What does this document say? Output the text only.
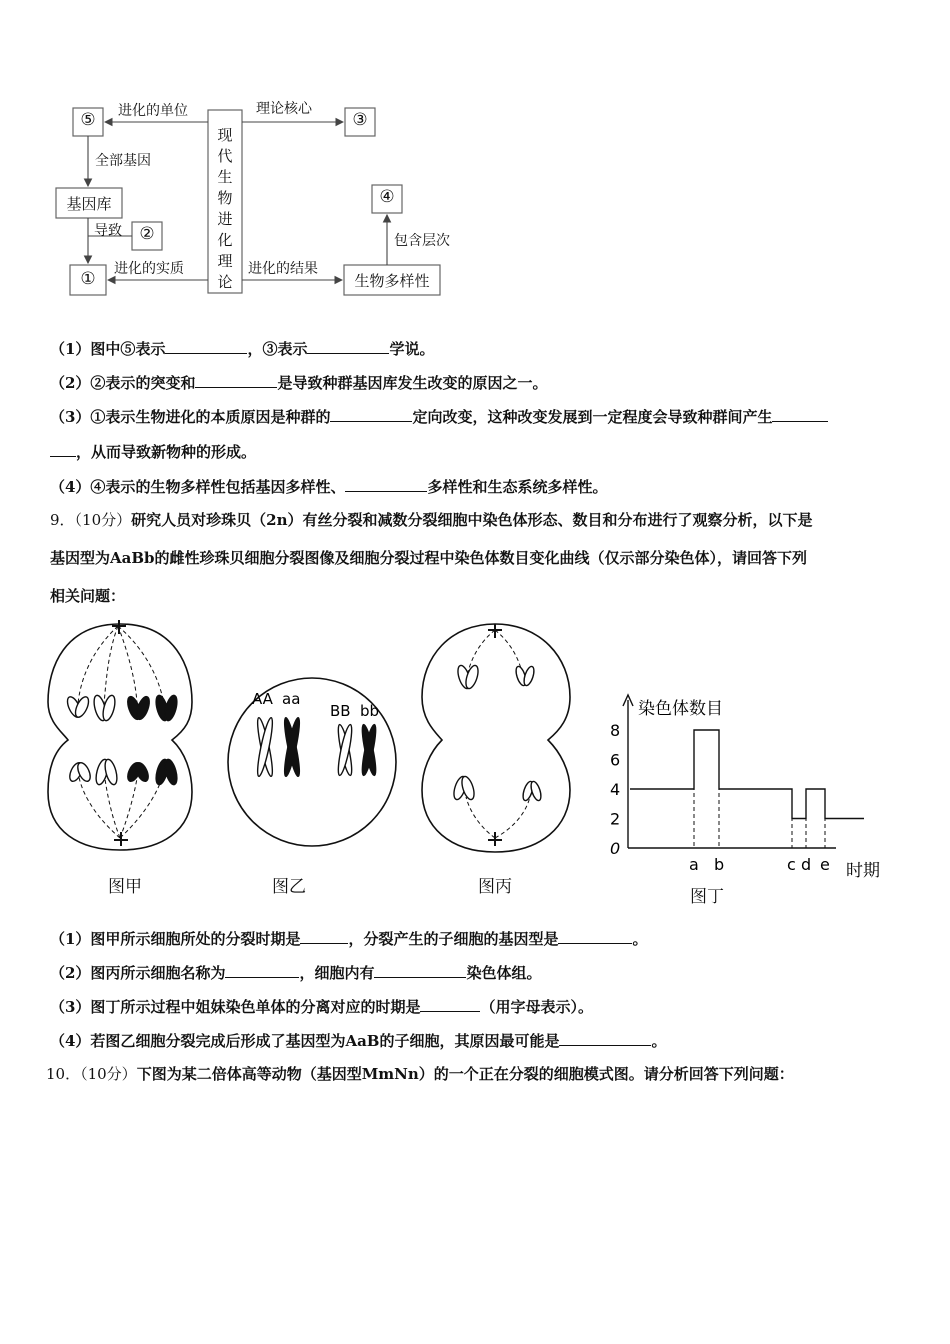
⑤	③
现代生物进化理论
基因库
②
①
④
生物多样性
进化的单位	理论核心
全部基因
导致
进化的实质	进化的结果
包含层次
（1）图中⑤表示	，③表示	学说。
（2）②表示的突变和	是导致种群基因库发生改变的原因之一。
（3）①表示生物进化的本质原因是种群的	定向改变，这种改变发展到一定程度会导致种群间产生
，从而导致新物种的形成。
（4）④表示的生物多样性包括基因多样性、	多样性和生态系统多样性。
9．（10分）研究人员对珍珠贝（2n）有丝分裂和减数分裂细胞中染色体形态、数目和分布进行了观察分析，以下是
基因型为AaBb的雌性珍珠贝细胞分裂图像及细胞分裂过程中染色体数目变化曲线（仅示部分染色体），请回答下列
相关问题：
AA aa
BB bb
图甲	图乙	图丙
染色体数目
时期
8
6
4
2
0
a b	c d e
图丁
（1）图甲所示细胞所处的分裂时期是	，分裂产生的子细胞的基因型是	。
（2）图丙所示细胞名称为	，细胞内有	染色体组。
（3）图丁所示过程中姐妹染色单体的分离对应的时期是	（用字母表示）。
（4）若图乙细胞分裂完成后形成了基因型为AaB的子细胞，其原因最可能是	。
10．（10分）下图为某二倍体高等动物（基因型MmNn）的一个正在分裂的细胞模式图。请分析回答下列问题：
